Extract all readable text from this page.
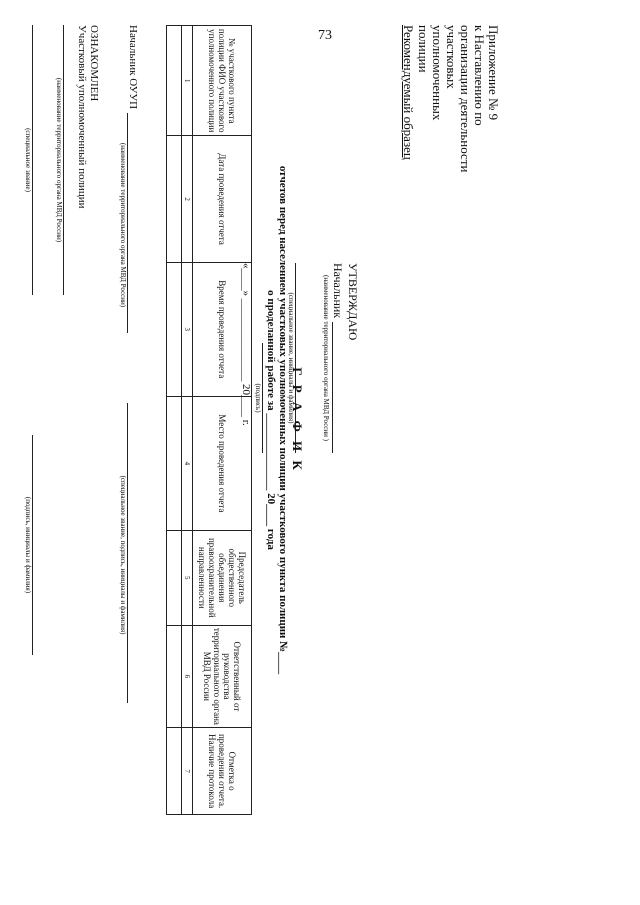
73	Приложение № 9
к Наставлению по
организации деятельности
участковых уполномоченных
полиции
Рекомендуемый образец
УТВЕРЖДАЮ
Начальник
(наименование территориального органа МВД России )
(специальное звание, инициалы и фамилия)
(подпись)
«____» _______________ 20____ г.	Г Р А Ф И К
отчетов перед населением участковых уполномоченных полиции участкового пункта полиции №____
о проделанной работе за ______________ 20____ года
№ участкового пункта полиции ФИО участкового уполномоченного полиции	Дата проведения отчета	Время проведения отчета	Место проведения отчета	Председатель общественного объединения правоохранительной направленности	Ответственный от руководства территориального органа МВД России	Отметка о проведении отчета. Наличие протокола
1	2	3	4	5	6	7

Начальник ОУУП
(наименование территориального органа МВД России)
(специальное звание, подпись, инициалы и фамилия)
ОЗНАКОМЛЕН
Участковый уполномоченный полиции
(наименование территориального органа МВД России)
(специальное звание)
(подпись, инициалы и фамилия)
